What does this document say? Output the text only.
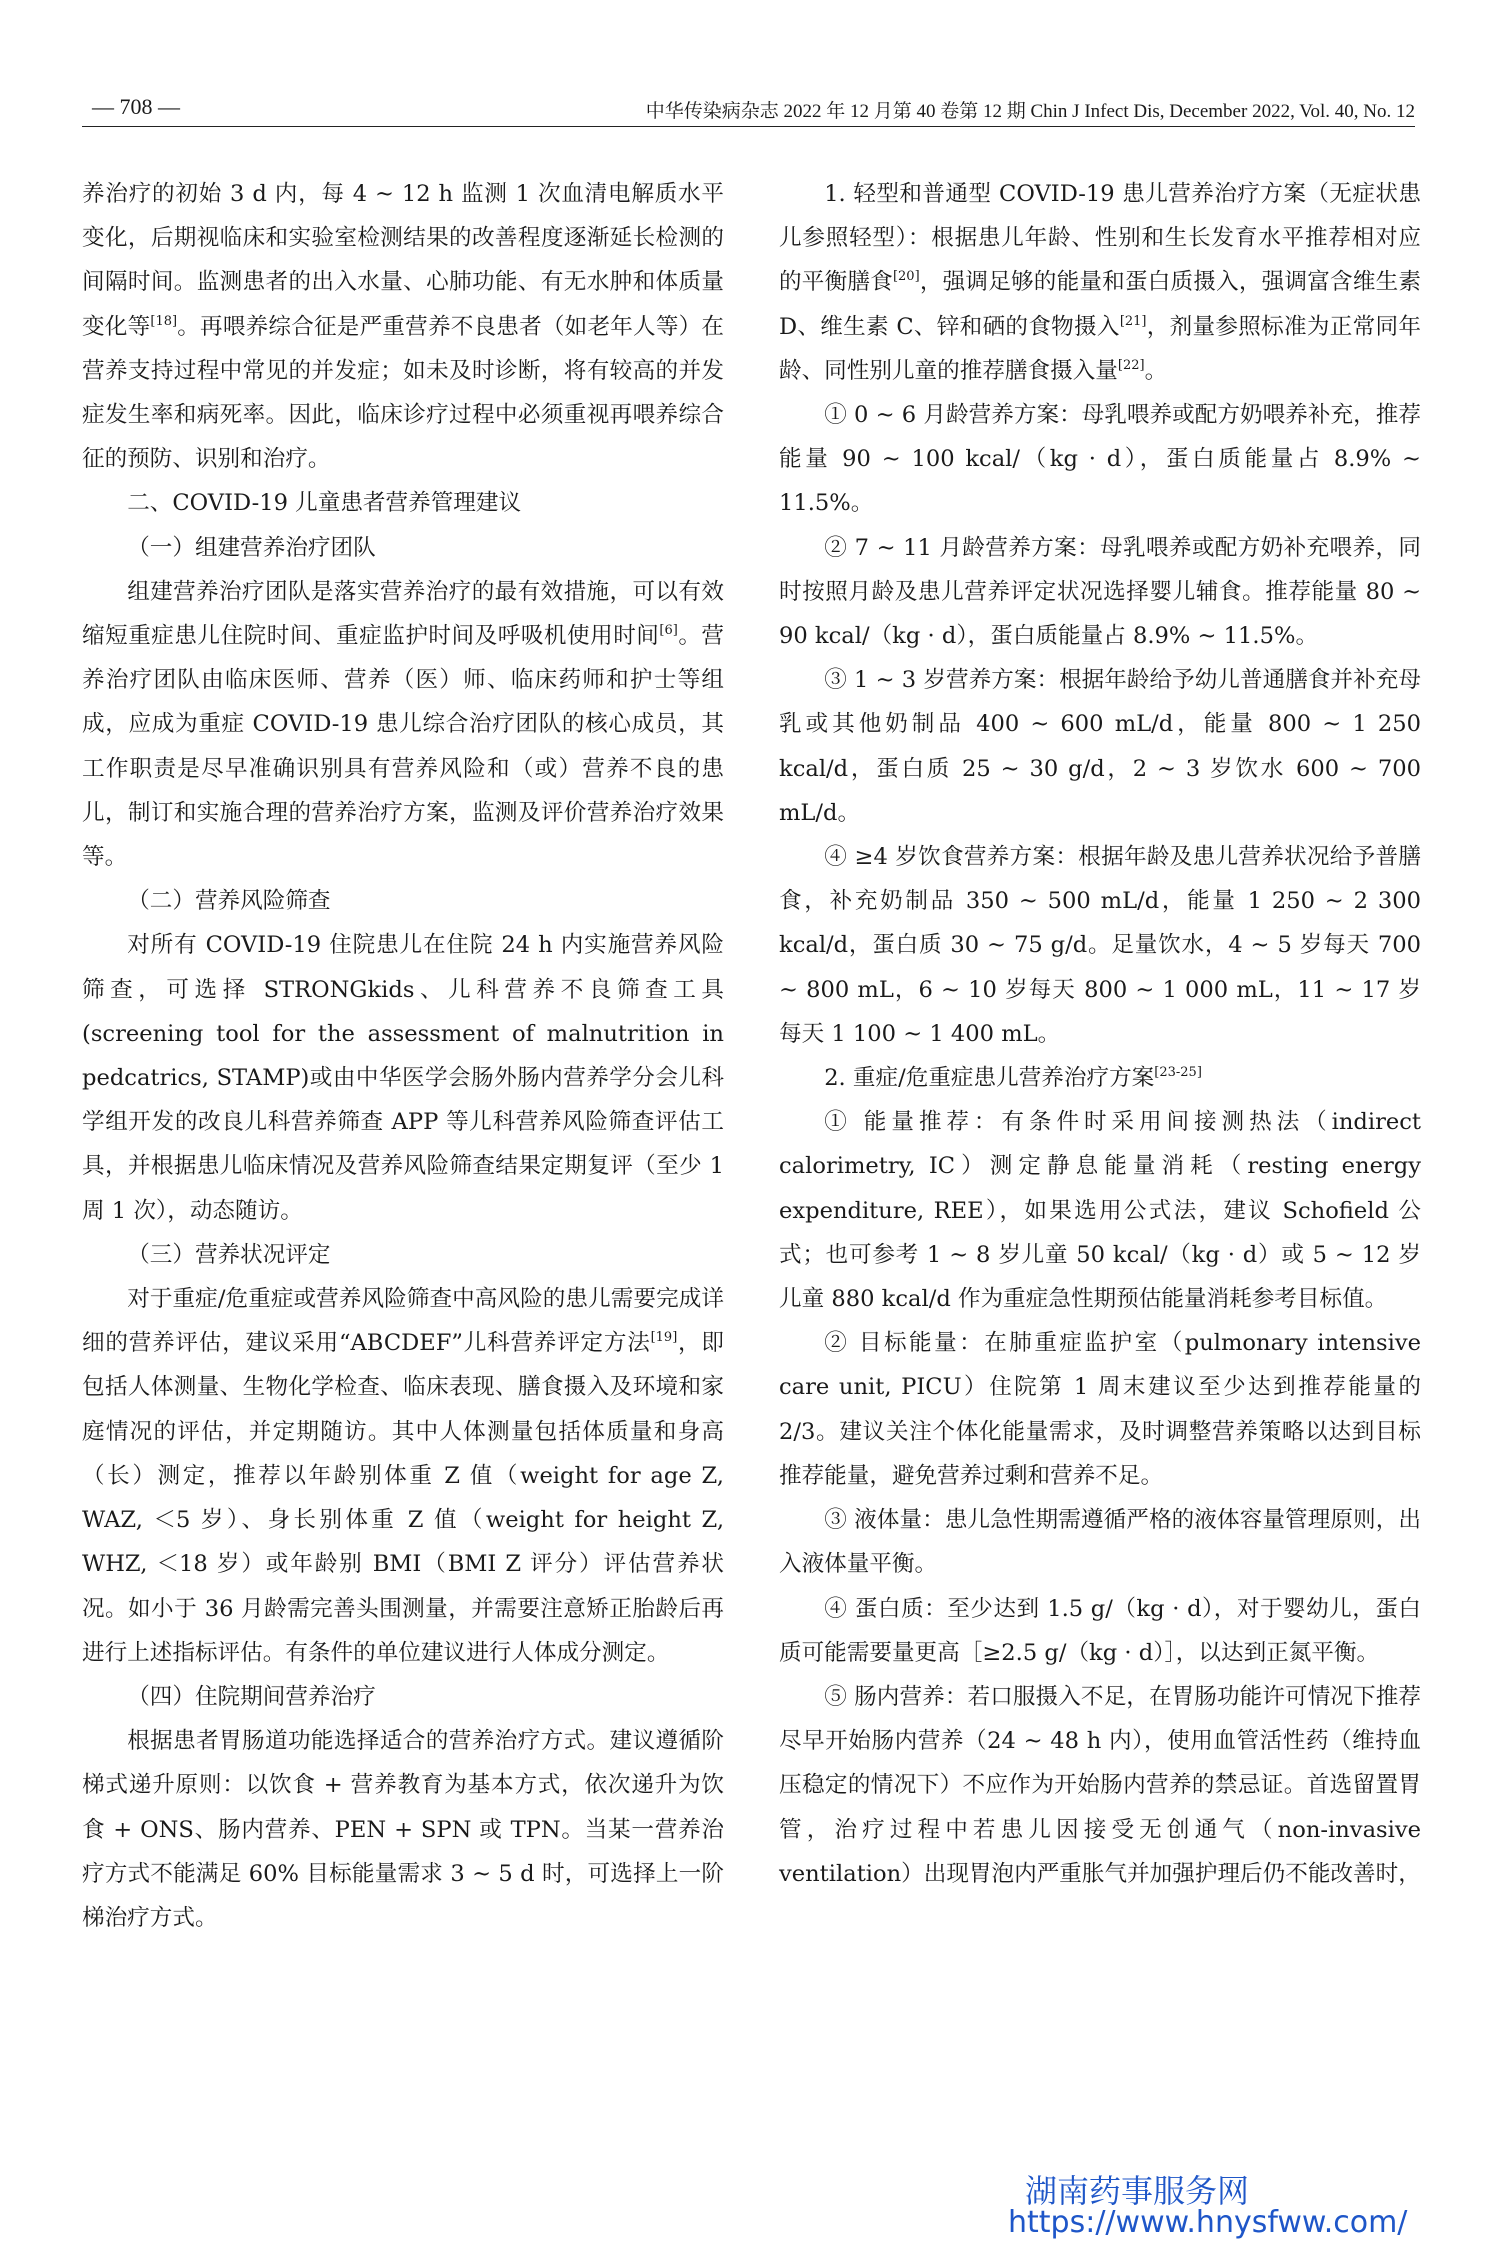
— 708 —	中华传染病杂志 2022 年 12 月第 40 卷第 12 期 Chin J Infect Dis, December 2022, Vol. 40, No. 12

养治疗的初始 3 d 内，每 4 ~ 12 h 监测 1 次血清电解质水平变化，后期视临床和实验室检测结果的改善程度逐渐延长检测的间隔时间。监测患者的出入水量、心肺功能、有无水肿和体质量变化等[18]。再喂养综合征是严重营养不良患者（如老年人等）在营养支持过程中常见的并发症；如未及时诊断，将有较高的并发症发生率和病死率。因此，临床诊疗过程中必须重视再喂养综合征的预防、识别和治疗。

二、COVID-19 儿童患者营养管理建议

（一）组建营养治疗团队

组建营养治疗团队是落实营养治疗的最有效措施，可以有效缩短重症患儿住院时间、重症监护时间及呼吸机使用时间[6]。营养治疗团队由临床医师、营养（医）师、临床药师和护士等组成，应成为重症 COVID-19 患儿综合治疗团队的核心成员，其工作职责是尽早准确识别具有营养风险和（或）营养不良的患儿，制订和实施合理的营养治疗方案，监测及评价营养治疗效果等。

（二）营养风险筛查

对所有 COVID-19 住院患儿在住院 24 h 内实施营养风险筛查，可选择 STRONGkids、儿科营养不良筛查工具(screening tool for the assessment of malnutrition in pedcatrics, STAMP)或由中华医学会肠外肠内营养学分会儿科学组开发的改良儿科营养筛查 APP 等儿科营养风险筛查评估工具，并根据患儿临床情况及营养风险筛查结果定期复评（至少 1 周 1 次），动态随访。

（三）营养状况评定

对于重症/危重症或营养风险筛查中高风险的患儿需要完成详细的营养评估，建议采用“ABCDEF”儿科营养评定方法[19]，即包括人体测量、生物化学检查、临床表现、膳食摄入及环境和家庭情况的评估，并定期随访。其中人体测量包括体质量和身高（长）测定，推荐以年龄别体重 Z 值（weight for age Z, WAZ, ＜5 岁）、身长别体重 Z 值（weight for height Z, WHZ, ＜18 岁）或年龄别 BMI（BMI Z 评分）评估营养状况。如小于 36 月龄需完善头围测量，并需要注意矫正胎龄后再进行上述指标评估。有条件的单位建议进行人体成分测定。

（四）住院期间营养治疗

根据患者胃肠道功能选择适合的营养治疗方式。建议遵循阶梯式递升原则：以饮食 + 营养教育为基本方式，依次递升为饮食 + ONS、肠内营养、PEN + SPN 或 TPN。当某一营养治疗方式不能满足 60% 目标能量需求 3 ~ 5 d 时，可选择上一阶梯治疗方式。

1. 轻型和普通型 COVID-19 患儿营养治疗方案（无症状患儿参照轻型）：根据患儿年龄、性别和生长发育水平推荐相对应的平衡膳食[20]，强调足够的能量和蛋白质摄入，强调富含维生素 D、维生素 C、锌和硒的食物摄入[21]，剂量参照标准为正常同年龄、同性别儿童的推荐膳食摄入量[22]。

① 0 ~ 6 月龄营养方案：母乳喂养或配方奶喂养补充，推荐能量 90 ~ 100 kcal/（kg · d），蛋白质能量占 8.9% ~ 11.5%。

② 7 ~ 11 月龄营养方案：母乳喂养或配方奶补充喂养，同时按照月龄及患儿营养评定状况选择婴儿辅食。推荐能量 80 ~ 90 kcal/（kg · d），蛋白质能量占 8.9% ~ 11.5%。

③ 1 ~ 3 岁营养方案：根据年龄给予幼儿普通膳食并补充母乳或其他奶制品 400 ~ 600 mL/d，能量 800 ~ 1 250 kcal/d，蛋白质 25 ~ 30 g/d，2 ~ 3 岁饮水 600 ~ 700 mL/d。

④ ≥4 岁饮食营养方案：根据年龄及患儿营养状况给予普膳食，补充奶制品 350 ~ 500 mL/d，能量 1 250 ~ 2 300 kcal/d，蛋白质 30 ~ 75 g/d。足量饮水，4 ~ 5 岁每天 700 ~ 800 mL，6 ~ 10 岁每天 800 ~ 1 000 mL，11 ~ 17 岁每天 1 100 ~ 1 400 mL。

2. 重症/危重症患儿营养治疗方案[23-25]

① 能量推荐：有条件时采用间接测热法（indirect calorimetry, IC）测定静息能量消耗（resting energy expenditure, REE），如果选用公式法，建议 Schofield 公式；也可参考 1 ~ 8 岁儿童 50 kcal/（kg · d）或 5 ~ 12 岁儿童 880 kcal/d 作为重症急性期预估能量消耗参考目标值。

② 目标能量：在肺重症监护室（pulmonary intensive care unit, PICU）住院第 1 周末建议至少达到推荐能量的 2/3。建议关注个体化能量需求，及时调整营养策略以达到目标推荐能量，避免营养过剩和营养不足。

③ 液体量：患儿急性期需遵循严格的液体容量管理原则，出入液体量平衡。

④ 蛋白质：至少达到 1.5 g/（kg · d），对于婴幼儿，蛋白质可能需要量更高［≥2.5 g/（kg · d）］，以达到正氮平衡。

⑤ 肠内营养：若口服摄入不足，在胃肠功能许可情况下推荐尽早开始肠内营养（24 ~ 48 h 内），使用血管活性药（维持血压稳定的情况下）不应作为开始肠内营养的禁忌证。首选留置胃管，治疗过程中若患儿因接受无创通气（non-invasive ventilation）出现胃泡内严重胀气并加强护理后仍不能改善时，

湖南药事服务网
https://www.hnysfww.com/
